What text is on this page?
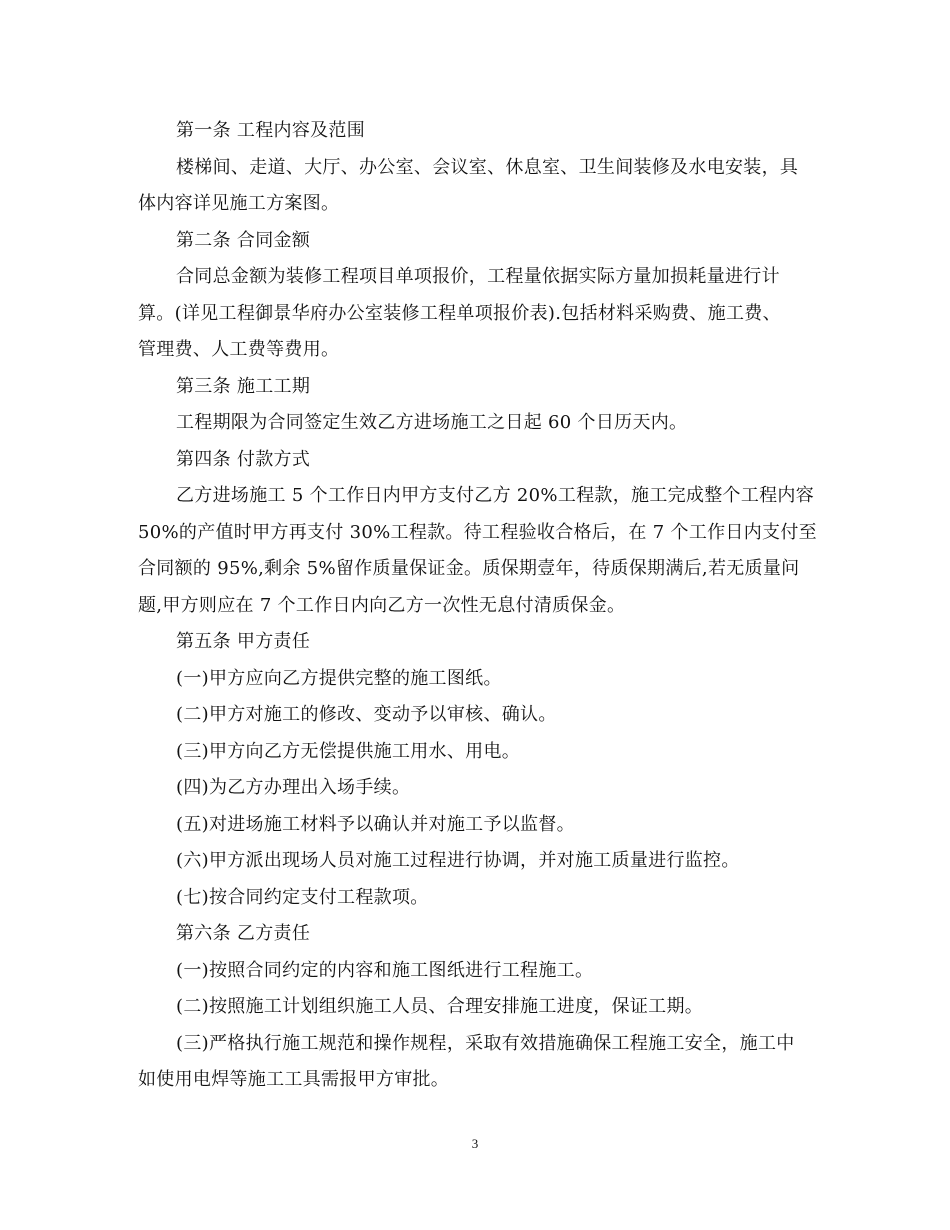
第一条 工程内容及范围
楼梯间、走道、大厅、办公室、会议室、休息室、卫生间装修及水电安装，具
体内容详见施工方案图。
第二条 合同金额
合同总金额为装修工程项目单项报价，工程量依据实际方量加损耗量进行计
算。(详见工程御景华府办公室装修工程单项报价表).包括材料采购费、施工费、
管理费、人工费等费用。
第三条 施工工期
工程期限为合同签定生效乙方进场施工之日起 60 个日历天内。
第四条 付款方式
乙方进场施工 5 个工作日内甲方支付乙方 20%工程款，施工完成整个工程内容
50%的产值时甲方再支付 30%工程款。待工程验收合格后，在 7 个工作日内支付至
合同额的 95%,剩余 5%留作质量保证金。质保期壹年，待质保期满后,若无质量问
题,甲方则应在 7 个工作日内向乙方一次性无息付清质保金。
第五条 甲方责任
(一)甲方应向乙方提供完整的施工图纸。
(二)甲方对施工的修改、变动予以审核、确认。
(三)甲方向乙方无偿提供施工用水、用电。
(四)为乙方办理出入场手续。
(五)对进场施工材料予以确认并对施工予以监督。
(六)甲方派出现场人员对施工过程进行协调，并对施工质量进行监控。
(七)按合同约定支付工程款项。
第六条 乙方责任
(一)按照合同约定的内容和施工图纸进行工程施工。
(二)按照施工计划组织施工人员、合理安排施工进度，保证工期。
(三)严格执行施工规范和操作规程，采取有效措施确保工程施工安全，施工中
如使用电焊等施工工具需报甲方审批。
3
